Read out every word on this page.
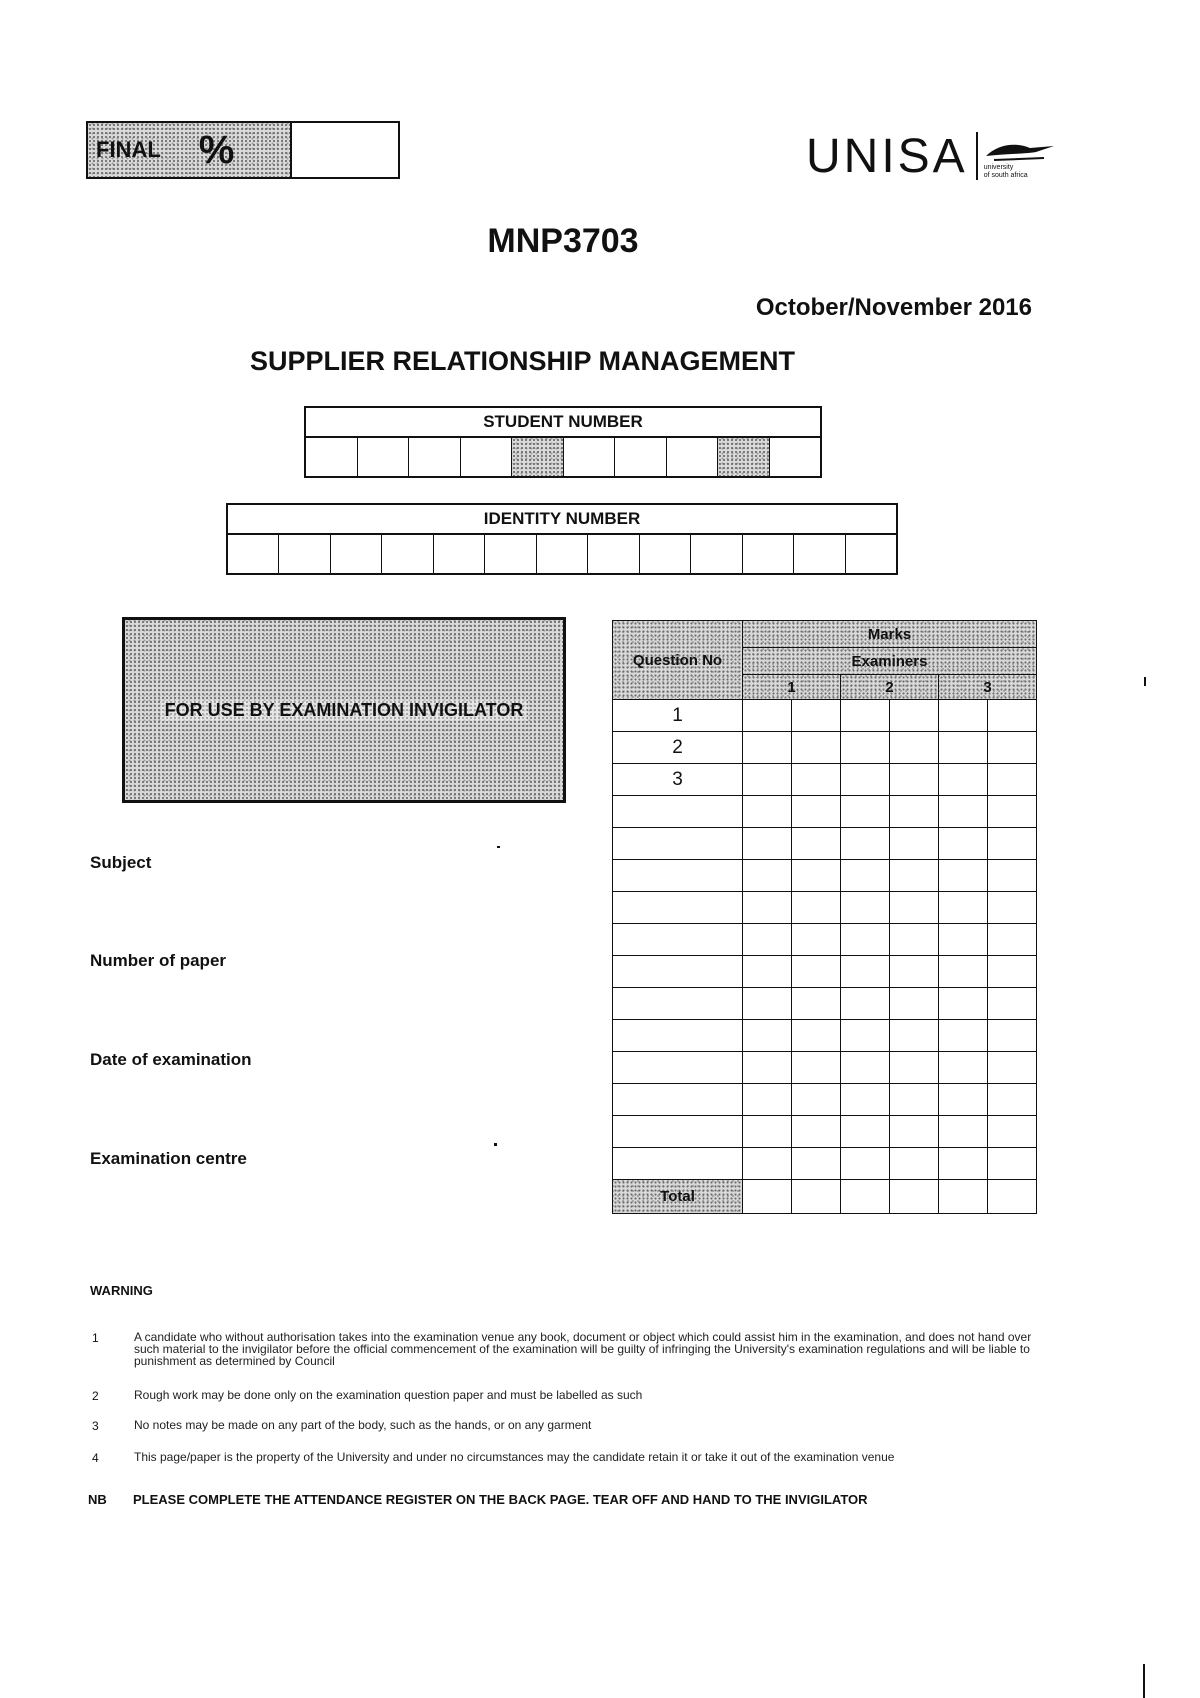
FINAL %	UNISA university
of south africa
MNP3703
October/November 2016
SUPPLIER RELATIONSHIP MANAGEMENT
STUDENT NUMBER
IDENTITY NUMBER
FOR USE BY EXAMINATION INVIGILATOR
Subject
Number of paper
Date of examination
Examination centre
Question No	Marks					
	Examiners					
	1		2		3	
1						
2						
3						

Total						
WARNING
1	A candidate who without authorisation takes into the examination venue any book, document or object which could assist him in the examination, and does not hand over such material to the invigilator before the official commencement of the examination will be guilty of infringing the University's examination regulations and will be liable to punishment as determined by Council
2	Rough work may be done only on the examination question paper and must be labelled as such
3	No notes may be made on any part of the body, such as the hands, or on any garment
4	This page/paper is the property of the University and under no circumstances may the candidate retain it or take it out of the examination venue
NB PLEASE COMPLETE THE ATTENDANCE REGISTER ON THE BACK PAGE. TEAR OFF AND HAND TO THE INVIGILATOR
